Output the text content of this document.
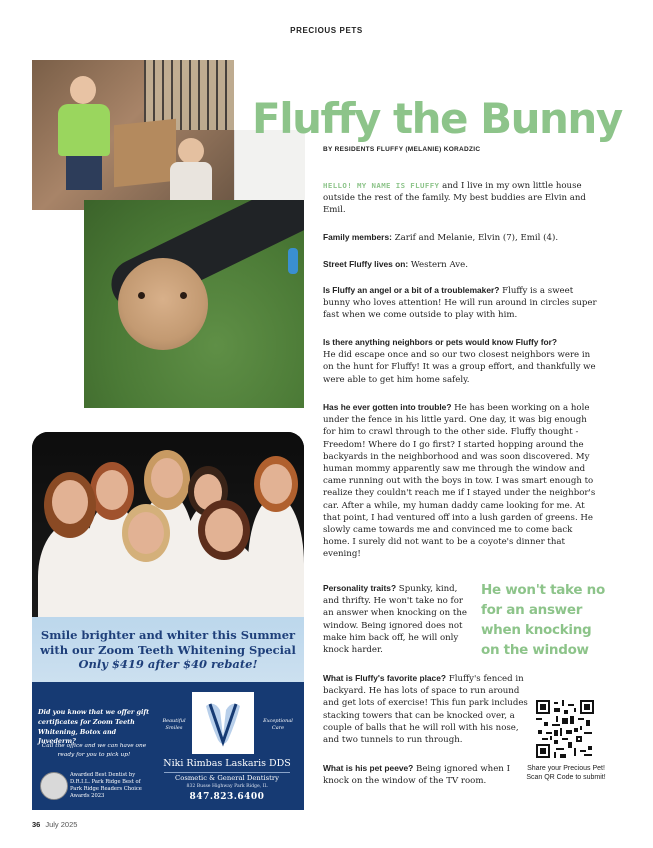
PRECIOUS PETS
Fluffy the Bunny
BY RESIDENTS FLUFFY (MELANIE) KORADZIC

HELLO! MY NAME IS FLUFFY and I live in my own little house outside the rest of the family. My best buddies are Elvin and Emil.

Family members: Zarif and Melanie, Elvin (7), Emil (4).

Street Fluffy lives on: Western Ave.

Is Fluffy an angel or a bit of a troublemaker? Fluffy is a sweet bunny who loves attention! He will run around in circles super fast when we come outside to play with him.

Is there anything neighbors or pets would know Fluffy for?
He did escape once and so our two closest neighbors were in on the hunt for Fluffy! It was a group effort, and thankfully we were able to get him home safely.

Has he ever gotten into trouble? He has been working on a hole under the fence in his little yard. One day, it was big enough for him to crawl through to the other side. Fluffy thought - Freedom! Where do I go first? I started hopping around the backyards in the neighborhood and was soon discovered. My human mommy apparently saw me through the window and came running out with the boys in tow. I was smart enough to realize they couldn't reach me if I stayed under the neighbor's car. After a while, my human daddy came looking for me. At that point, I had ventured off into a lush garden of greens. He slowly came towards me and convinced me to come back home. I surely did not want to be a coyote's dinner that evening!

Personality traits? Spunky, kind, and thrifty. He won't take no for an answer when knocking on the window. Being ignored does not make him back off, he will only knock harder.

He won't take no for an answer when knocking on the window

What is Fluffy's favorite place? Fluffy's fenced in backyard. He has lots of space to run around and get lots of exercise! This fun park includes stacking towers that can be knocked over, a couple of balls that he will roll with his nose, and two tunnels to run through.

What is his pet peeve? Being ignored when I knock on the window of the TV room.

Share your Precious Pet! Scan QR Code to submit!
Smile brighter and whiter this Summer
with our Zoom Teeth Whitening Special
Only $419 after $40 rebate!
Did you know that we offer gift certificates for Zoom Teeth Whitening, Botox and Juvederm?
Call the office and we can have one ready for you to pick up!
Awarded Best Dentist by D.R.I.L. Park Ridge Best of Park Ridge Readers Choice Awards 2023
Beautiful Smiles
Exceptional Care
Niki Rimbas Laskaris DDS
Cosmetic & General Dentistry
832 Busse Highway Park Ridge, IL
847.823.6400
36 July 2025
